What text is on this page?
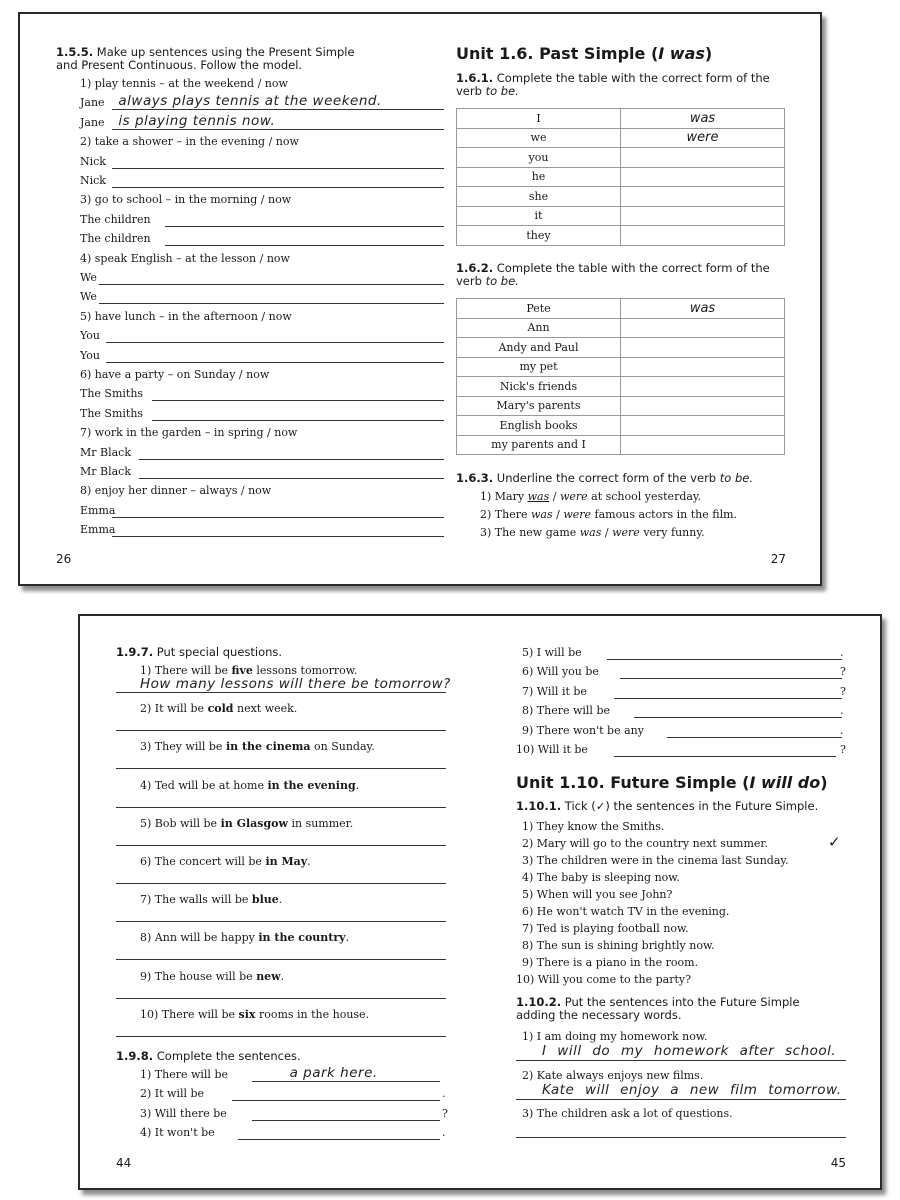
1.5.5. Make up sentences using the Present Simple
and Present Continuous. Follow the model.
1) play tennis – at the weekend / now
Jane always plays tennis at the weekend.
Jane is playing tennis now.
2) take a shower – in the evening / now
Nick
Nick
3) go to school – in the morning / now
The children
The children
4) speak English – at the lesson / now
We
We
5) have lunch – in the afternoon / now
You
You
6) have a party – on Sunday / now
The Smiths
The Smiths
7) work in the garden – in spring / now
Mr Black
Mr Black
8) enjoy her dinner – always / now
Emma
Emma
26
Unit 1.6. Past Simple (I was)
1.6.1. Complete the table with the correct form of the
verb to be.
I	was
we	were
you	
he	
she	
it	
they	
1.6.2. Complete the table with the correct form of the
verb to be.
Pete	was
Ann	
Andy and Paul	
my pet	
Nick's friends	
Mary's parents	
English books	
my parents and I	
1.6.3. Underline the correct form of the verb to be.
1) Mary was / were at school yesterday.
2) There was / were famous actors in the film.
3) The new game was / were very funny.
27
1.9.7. Put special questions.
1) There will be five lessons tomorrow.
How many lessons will there be tomorrow?
2) It will be cold next week.
3) They will be in the cinema on Sunday.
4) Ted will be at home in the evening.
5) Bob will be in Glasgow in summer.
6) The concert will be in May.
7) The walls will be blue.
8) Ann will be happy in the country.
9) The house will be new.
10) There will be six rooms in the house.
1.9.8. Complete the sentences.
1) There will be	a park here.
2) It will be	.
3) Will there be	?
4) It won't be	.
44
5) I will be	.
6) Will you be	?
7) Will it be	?
8) There will be	.
9) There won't be any	.
10) Will it be	?
Unit 1.10. Future Simple (I will do)
1.10.1. Tick (✓) the sentences in the Future Simple.
1) They know the Smiths.
2) Mary will go to the country next summer.	✓
3) The children were in the cinema last Sunday.
4) The baby is sleeping now.
5) When will you see John?
6) He won't watch TV in the evening.
7) Ted is playing football now.
8) The sun is shining brightly now.
9) There is a piano in the room.
10) Will you come to the party?
1.10.2. Put the sentences into the Future Simple
adding the necessary words.
1) I am doing my homework now.
I will do my homework after school.
2) Kate always enjoys new films.
Kate will enjoy a new film tomorrow.
3) The children ask a lot of questions.
45
